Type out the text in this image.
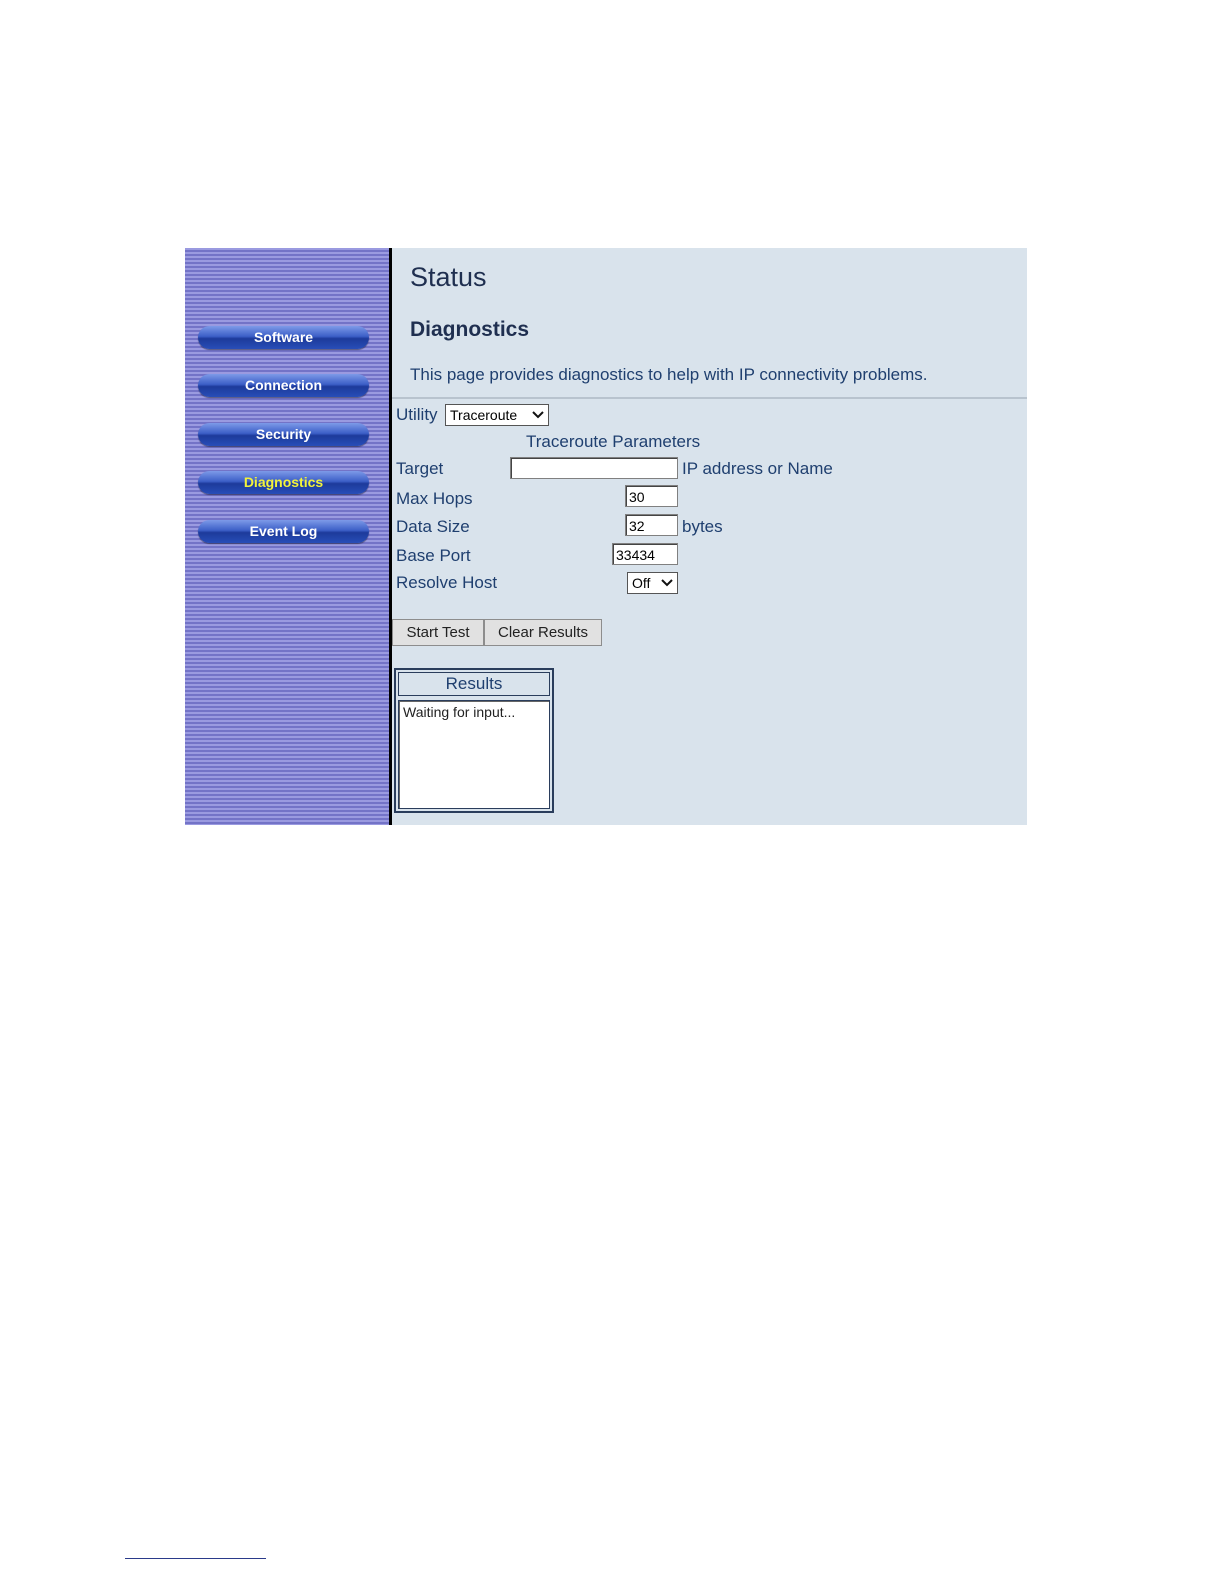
Software
Connection
Security
Diagnostics
Event Log
Status
Diagnostics
This page provides diagnostics to help with IP connectivity problems.
Utility Traceroute
Traceroute Parameters
Target	IP address or Name
Max Hops	30
Data Size	32	bytes
Base Port	33434
Resolve Host	Off
Start Test	Clear Results
Results
Waiting for input...
